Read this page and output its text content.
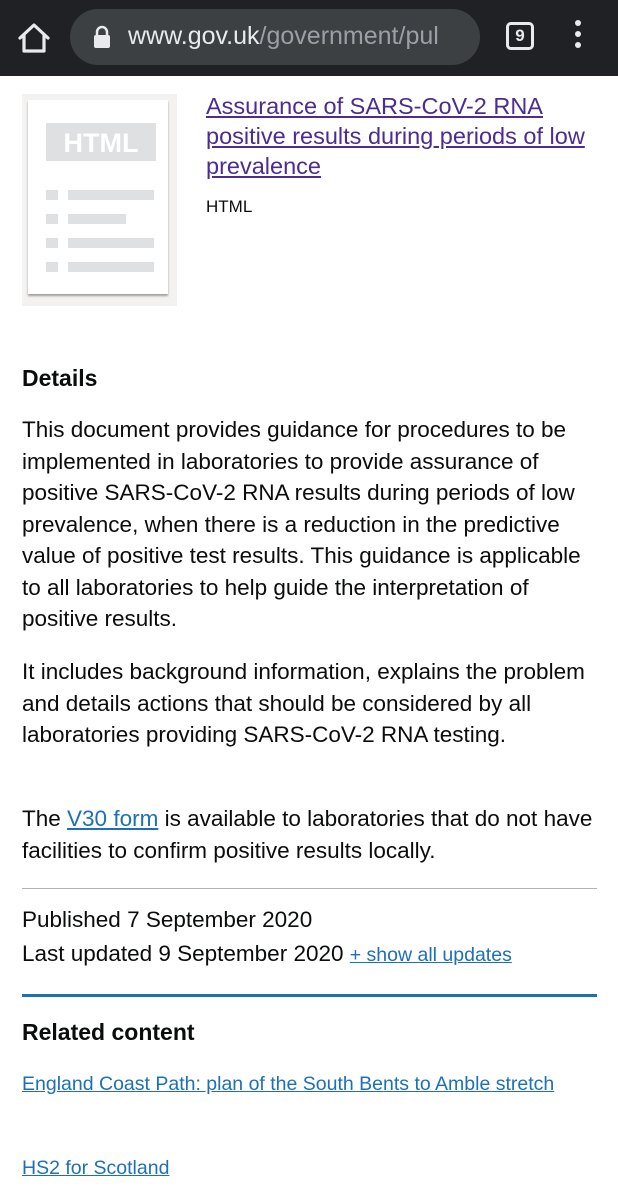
www.gov.uk/government/pul	9
HTML
Assurance of SARS-CoV-2 RNA positive results during periods of low prevalence
HTML
Details

This document provides guidance for procedures to be implemented in laboratories to provide assurance of positive SARS-CoV-2 RNA results during periods of low prevalence, when there is a reduction in the predictive value of positive test results. This guidance is applicable to all laboratories to help guide the interpretation of positive results.

It includes background information, explains the problem and details actions that should be considered by all laboratories providing SARS-CoV-2 RNA testing.

The V30 form is available to laboratories that do not have facilities to confirm positive results locally.

Published 7 September 2020
Last updated 9 September 2020 + show all updates
Related content
England Coast Path: plan of the South Bents to Amble stretch
HS2 for Scotland
